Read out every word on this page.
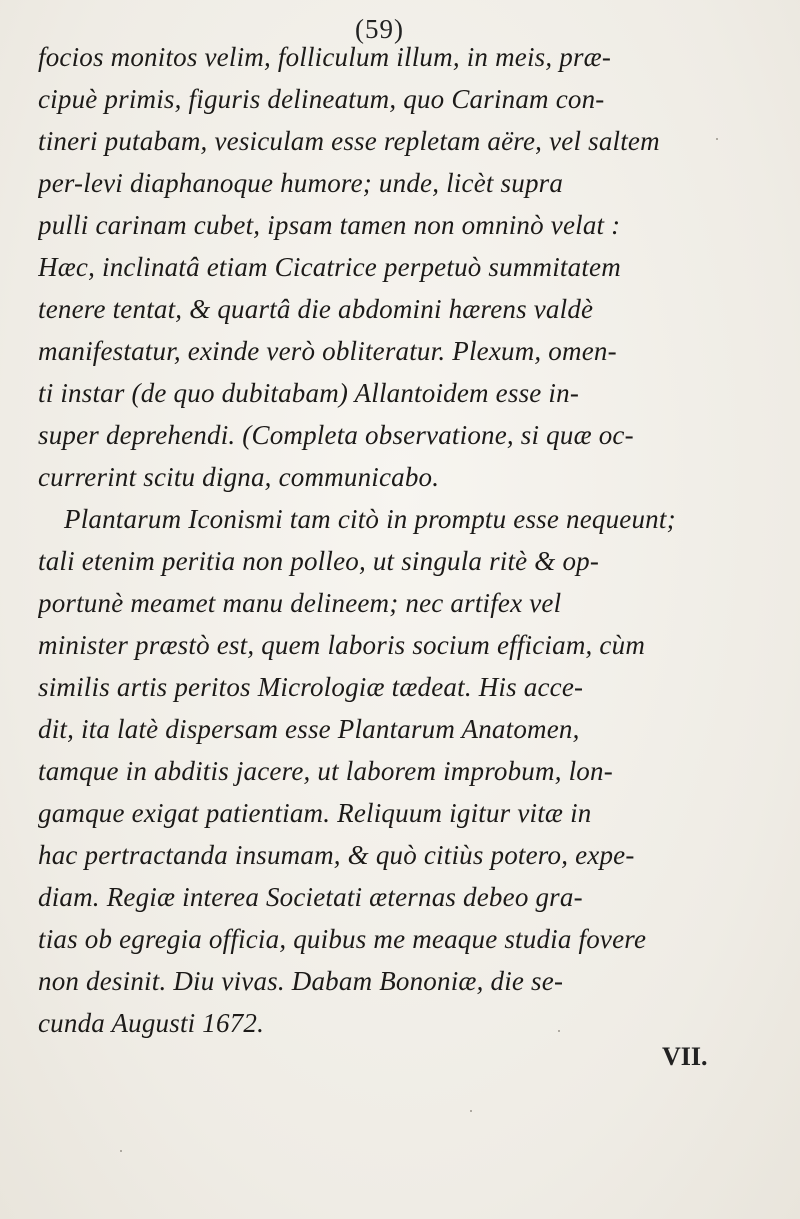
(59)
focios monitos velim, folliculum illum, in meis, præ-
cipuè primis, figuris delineatum, quo Carinam con-
tineri putabam, vesiculam esse repletam aëre, vel saltem
per-levi diaphanoque humore; unde, licèt supra
pulli carinam cubet, ipsam tamen non omninò velat :
Hæc, inclinatâ etiam Cicatrice perpetuò summitatem
tenere tentat, & quartâ die abdomini hærens valdè
manifestatur, exinde verò obliteratur. Plexum, omen-
ti instar (de quo dubitabam) Allantoidem esse in-
super deprehendi. (Completa observatione, si quæ oc-
currerint scitu digna, communicabo.
Plantarum Iconismi tam citò in promptu esse nequeunt;
tali etenim peritia non polleo, ut singula ritè & op-
portunè meamet manu delineem; nec artifex vel
minister præstò est, quem laboris socium efficiam, cùm
similis artis peritos Micrologiæ tædeat. His acce-
dit, ita latè dispersam esse Plantarum Anatomen,
tamque in abditis jacere, ut laborem improbum, lon-
gamque exigat patientiam. Reliquum igitur vitæ in
hac pertractanda insumam, & quò citiùs potero, expe-
diam. Regiæ interea Societati æternas debeo gra-
tias ob egregia officia, quibus me meaque studia fovere
non desinit. Diu vivas. Dabam Bononiæ, die se-
cunda Augusti 1672.
VII.
